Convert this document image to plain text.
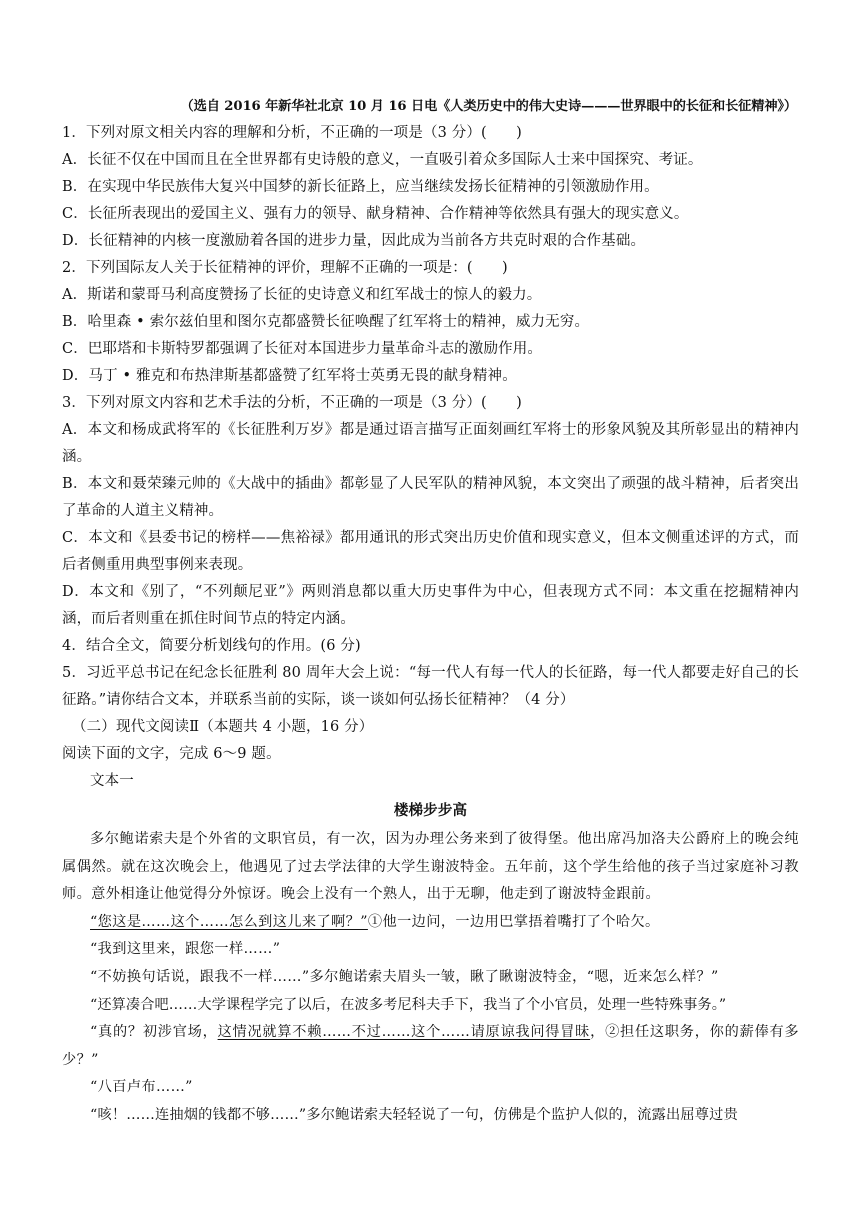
（选自 2016 年新华社北京 10 月 16 日电《人类历史中的伟大史诗———世界眼中的长征和长征精神》）
1．下列对原文相关内容的理解和分析，不正确的一项是（3 分）(　　)
A．长征不仅在中国而且在全世界都有史诗般的意义，一直吸引着众多国际人士来中国探究、考证。
B．在实现中华民族伟大复兴中国梦的新长征路上，应当继续发扬长征精神的引领激励作用。
C．长征所表现出的爱国主义、强有力的领导、献身精神、合作精神等依然具有强大的现实意义。
D．长征精神的内核一度激励着各国的进步力量，因此成为当前各方共克时艰的合作基础。
2．下列国际友人关于长征精神的评价，理解不正确的一项是：(　　)
A．斯诺和蒙哥马利高度赞扬了长征的史诗意义和红军战士的惊人的毅力。
B．哈里森 • 索尔兹伯里和图尔克都盛赞长征唤醒了红军将士的精神，威力无穷。
C．巴耶塔和卡斯特罗都强调了长征对本国进步力量革命斗志的激励作用。
D．马丁 • 雅克和布热津斯基都盛赞了红军将士英勇无畏的献身精神。
3．下列对原文内容和艺术手法的分析，不正确的一项是（3 分）(　　)
A．本文和杨成武将军的《长征胜利万岁》都是通过语言描写正面刻画红军将士的形象风貌及其所彰显出的精神内涵。
B．本文和聂荣臻元帅的《大战中的插曲》都彰显了人民军队的精神风貌，本文突出了顽强的战斗精神，后者突出了革命的人道主义精神。
C．本文和《县委书记的榜样——焦裕禄》都用通讯的形式突出历史价值和现实意义，但本文侧重述评的方式，而后者侧重用典型事例来表现。
D．本文和《别了，“不列颠尼亚”》两则消息都以重大历史事件为中心，但表现方式不同：本文重在挖掘精神内涵，而后者则重在抓住时间节点的特定内涵。
4．结合全文，简要分析划线句的作用。(6 分)
5．习近平总书记在纪念长征胜利 80 周年大会上说：“每一代人有每一代人的长征路，每一代人都要走好自己的长征路。”请你结合文本，并联系当前的实际，谈一谈如何弘扬长征精神？（4 分）
（二）现代文阅读Ⅱ（本题共 4 小题，16 分）
阅读下面的文字，完成 6～9 题。
文本一
楼梯步步高
多尔鲍诺索夫是个外省的文职官员，有一次，因为办理公务来到了彼得堡。他出席冯加洛夫公爵府上的晚会纯属偶然。就在这次晚会上，他遇见了过去学法律的大学生谢波特金。五年前，这个学生给他的孩子当过家庭补习教师。意外相逢让他觉得分外惊讶。晚会上没有一个熟人，出于无聊，他走到了谢波特金跟前。
“您这是……这个……怎么到这儿来了啊？”①他一边问，一边用巴掌捂着嘴打了个哈欠。
“我到这里来，跟您一样……”
“不妨换句话说，跟我不一样……”多尔鲍诺索夫眉头一皱，瞅了瞅谢波特金，“嗯，近来怎么样？”
“还算凑合吧……大学课程学完了以后，在波多考尼科夫手下，我当了个小官员，处理一些特殊事务。”
“真的？初涉官场，这情况就算不赖……不过……这个……请原谅我问得冒昧，②担任这职务，你的薪俸有多少？”
“八百卢布……”
“咳！……连抽烟的钱都不够……”多尔鲍诺索夫轻轻说了一句，仿佛是个监护人似的，流露出屈尊过贵
